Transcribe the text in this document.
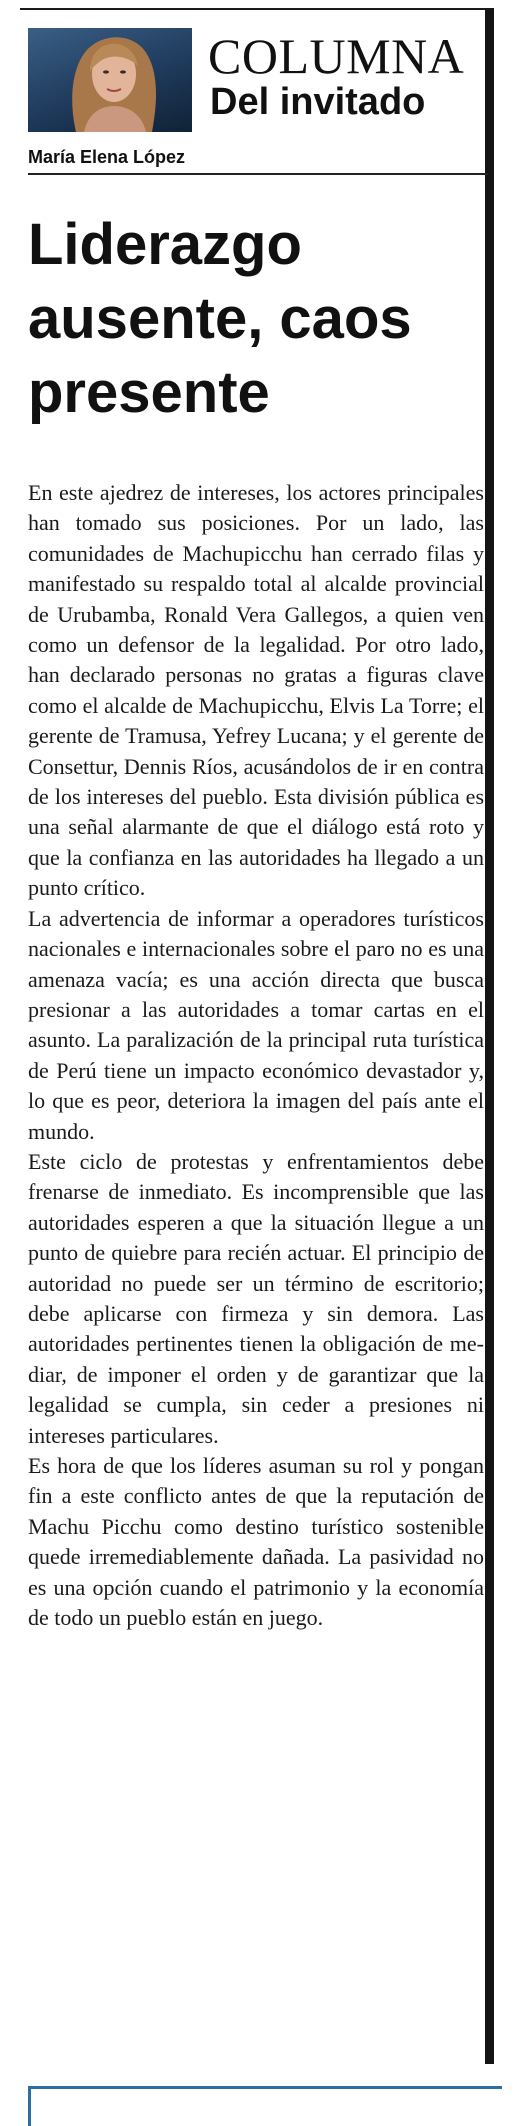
COLUMNA
Del invitado
María Elena López
Liderazgo
ausente, caos
presente

En este ajedrez de intereses, los actores principales han tomado sus posiciones. Por un lado, las comunidades de Machupicchu han cerrado filas y manifestado su respaldo total al alcalde provincial de Urubamba, Ronald Vera Gallegos, a quien ven como un defensor de la legalidad. Por otro lado, han declarado personas no gratas a figuras clave como el alcalde de Machupicchu, Elvis La Torre; el gerente de Tramusa, Yefrey Lucana; y el gerente de Consettur, Dennis Ríos, acusándolos de ir en contra de los intereses del pueblo. Esta división pública es una señal alarmante de que el diálogo está roto y que la confianza en las autoridades ha llegado a un punto crítico.

La advertencia de informar a operadores turísticos nacionales e internacionales sobre el paro no es una amenaza vacía; es una acción directa que busca presionar a las autoridades a tomar cartas en el asunto. La paralización de la principal ruta turística de Perú tiene un impacto económico devastador y, lo que es peor, deteriora la imagen del país ante el mundo.

Este ciclo de protestas y enfrentamientos debe frenarse de inmediato. Es incomprensible que las autoridades esperen a que la situación llegue a un punto de quiebre para recién actuar. El principio de autoridad no puede ser un término de escritorio; debe aplicarse con firmeza y sin demora. Las autoridades pertinentes tienen la obligación de mediar, de imponer el orden y de garantizar que la legalidad se cumpla, sin ceder a presiones ni intereses particulares.

Es hora de que los líderes asuman su rol y pongan fin a este conflicto antes de que la reputación de Machu Picchu como destino turístico sostenible quede irremediablemente dañada. La pasividad no es una opción cuando el patrimonio y la economía de todo un pueblo están en juego.
